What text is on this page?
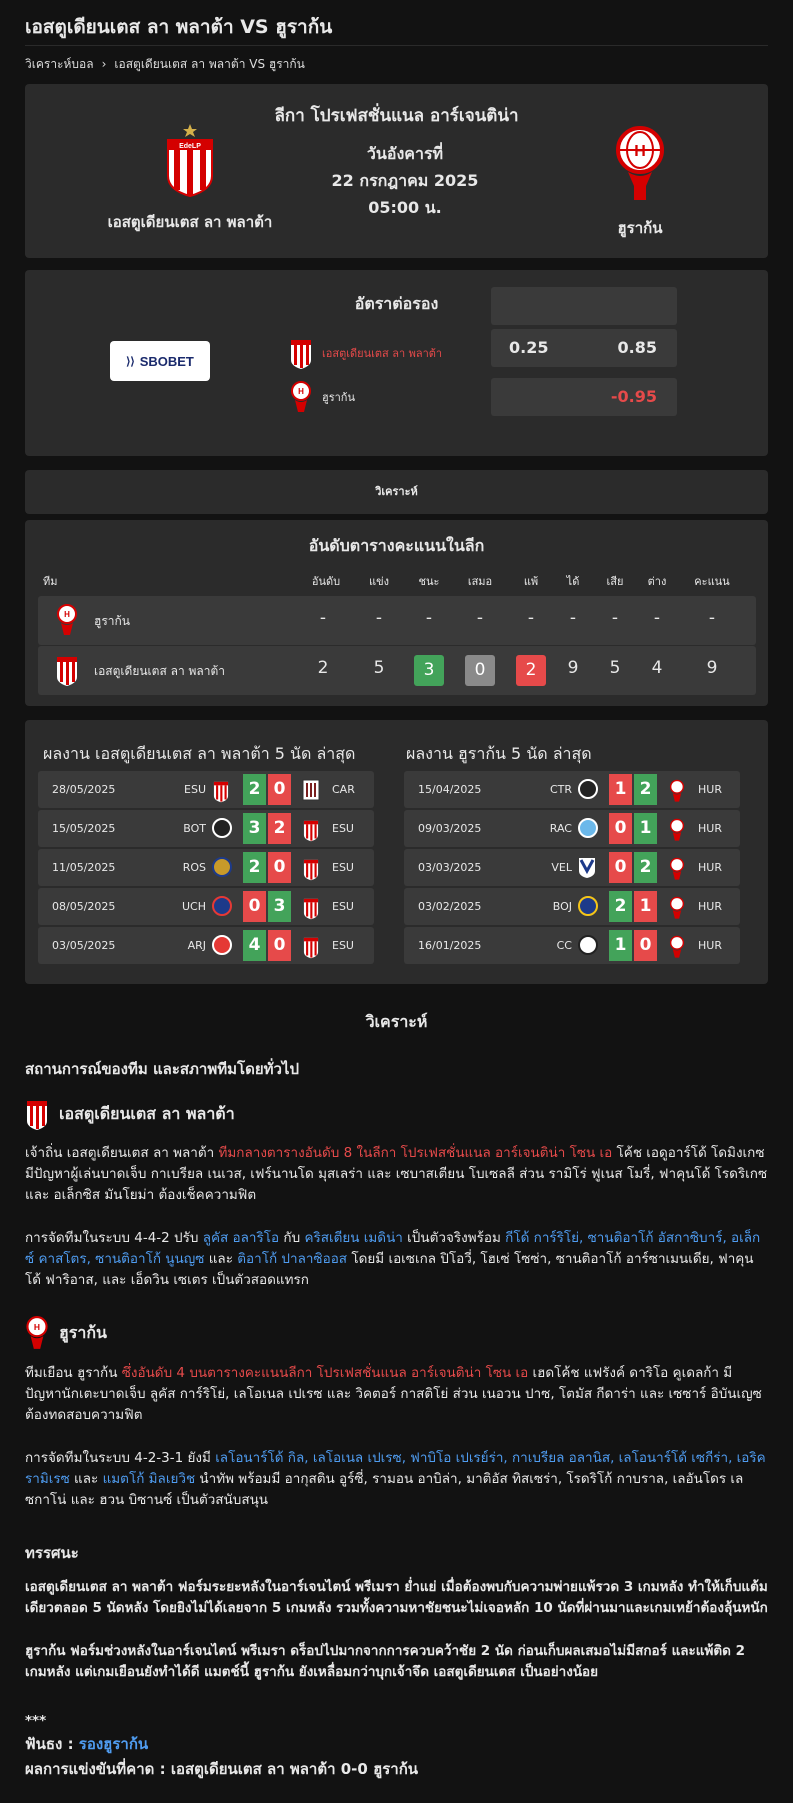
เอสตูเดียนเตส ลา พลาต้า VS ฮูราก้น
วิเคราะห์บอล › เอสตูเดียนเตส ลา พลาต้า VS ฮูราก้น
ลีกา โปรเฟสชั่นแนล อาร์เจนติน่า
EdeLP
เอสตูเดียนเตส ลา พลาต้า
วันอังคารที่
22 กรกฎาคม 2025
05:00 น.
H
ฮูราก้น
อัตราต่อรอง
⟩⟩ SBOBET	เอสตูเดียนเตส ลา พลาต้า
H ฮูราก้น
0.25	0.85
-0.95
วิเคราะห์
อันดับตารางคะแนนในลีก
ทีม	อันดับ	แข่ง	ชนะ	เสมอ	แพ้	ได้	เสีย	ต่าง	คะแนน
H ฮูราก้น	-	-	-	-	-	-	-	-	-
เอสตูเดียนเตส ลา พลาต้า	2	5	3	0	2	9	5	4	9
ผลงาน เอสตูเดียนเตส ลา พลาต้า 5 นัด ล่าสุด	ผลงาน ฮูราก้น 5 นัด ล่าสุด
28/05/2025	ESU	2 0	CAR
15/05/2025	BOT	3 2	ESU
11/05/2025	ROS	2 0	ESU
08/05/2025	UCH	0 3	ESU
03/05/2025	ARJ	4 0	ESU
15/04/2025	CTR	1 2	HUR
09/03/2025	RAC	0 1	HUR
03/03/2025	VEL	0 2	HUR
03/02/2025	BOJ	2 1	HUR
16/01/2025	CC	1 0	HUR
วิเคราะห์
สถานการณ์ของทีม และสภาพทีมโดยทั่วไป
เอสตูเดียนเตส ลา พลาต้า

เจ้าถิ่น เอสตูเดียนเตส ลา พลาต้า ทีมกลางตารางอันดับ 8 ในลีกา โปรเฟสชั่นแนล อาร์เจนติน่า โซน เอ โค้ช เอดูอาร์โด้ โดมิงเกซ มีปัญหาผู้เล่นบาดเจ็บ กาเบรียล เนเวส, เฟร์นานโด มุสเลร่า และ เซบาสเตียน โบเซลลี ส่วน รามิโร่ ฟูเนส โมรี่, ฟาคุนโด้ โรดริเกซ และ อเล็กซิส มันโยม่า ต้องเช็คความฟิต

การจัดทีมในระบบ 4-4-2 ปรับ ลูคัส อลาริโอ กับ คริสเตียน เมดิน่า เป็นตัวจริงพร้อม กีโด้ การ์ริโย่, ซานติอาโก้ อัสกาซิบาร์, อเล็กซ์ คาสโตร, ซานติอาโก้ นูนญซ และ ติอาโก้ ปาลาซิออส โดยมี เอเซเกล ปิโอวี่, โฮเซ่ โซซ่า, ซานติอาโก้ อาร์ซาเมนเดีย, ฟาคุนโด้ ฟาริอาส, และ เอ็ดวิน เซเตร เป็นตัวสอดแทรก

H ฮูราก้น

ทีมเยือน ฮูราก้น ซึ่งอันดับ 4 บนตารางคะแนนลีกา โปรเฟสชั่นแนล อาร์เจนติน่า โซน เอ เฮดโค้ช แฟรังค์ ดาริโอ คูเดลก้า มีปัญหานักเตะบาดเจ็บ ลูคัส การ์ริโย่, เลโอเนล เปเรซ และ วิคตอร์ กาสติโย่ ส่วน เนอวน ปาซ, โตมัส กีดาร่า และ เซซาร์ อิบันเญซ ต้องทดสอบความฟิต

การจัดทีมในระบบ 4-2-3-1 ยังมี เลโอนาร์โด้ กิล, เลโอเนล เปเรซ, ฟาบิโอ เปเรย์ร่า, กาเบรียล อลานิส, เลโอนาร์โด้ เซกีร่า, เอริค รามิเรซ และ แมตโก้ มิลเยวิช นำทัพ พร้อมมี อากุสติน อูร์ซี่, รามอน อาบิล่า, มาติอัส ทิสเซร่า, โรดริโก้ กาบราล, เลอันโดร เลซกาโน่ และ ฮวน บิซานซ์ เป็นตัวสนับสนุน

ทรรศนะ

เอสตูเดียนเตส ลา พลาต้า ฟอร์มระยะหลังในอาร์เจนไตน์ พรีเมรา ย่ำแย่ เมื่อต้องพบกับความพ่ายแพ้รวด 3 เกมหลัง ทำให้เก็บแต้มเดียวตลอด 5 นัดหลัง โดยยิงไม่ได้เลยจาก 5 เกมหลัง รวมทั้งความหาชัยชนะไม่เจอหลัก 10 นัดที่ผ่านมาและเกมเหย้าต้องลุ้นหนัก

ฮูราก้น ฟอร์มช่วงหลังในอาร์เจนไตน์ พรีเมรา ดร็อปไปมากจากการควบคว้าชัย 2 นัด ก่อนเก็บผลเสมอไม่มีสกอร์ และแพ้ติด 2 เกมหลัง แต่เกมเยือนยังทำได้ดี แมตช์นี้ ฮูราก้น ยังเหลื่อมกว่าบุกเจ้าจึด เอสตูเดียนเตส เป็นอย่างน้อย

***

ฟันธง : รองฮูราก้น

ผลการแข่งขันที่คาด : เอสตูเดียนเตส ลา พลาต้า 0-0 ฮูราก้น
